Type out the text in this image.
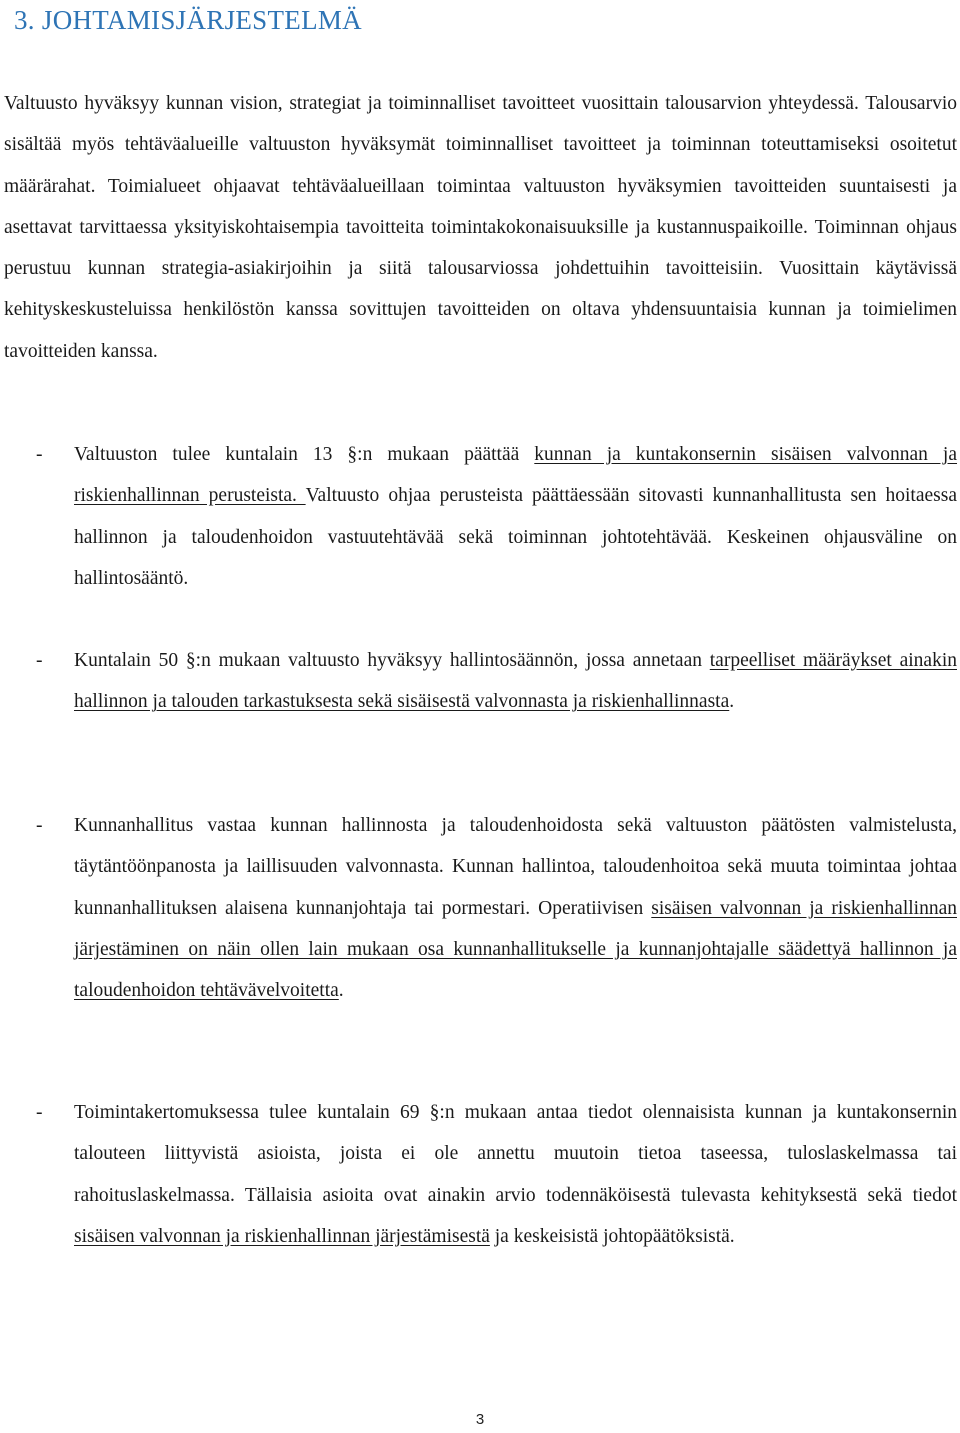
3. JOHTAMISJÄRJESTELMÄ

Valtuusto hyväksyy kunnan vision, strategiat ja toiminnalliset tavoitteet vuosittain talousarvion yhteydessä. Talousarvio sisältää myös tehtäväalueille valtuuston hyväksymät toiminnalliset tavoitteet ja toiminnan toteuttamiseksi osoitetut määrärahat. Toimialueet ohjaavat tehtäväalueillaan toimintaa valtuuston hyväksymien tavoitteiden suuntaisesti ja asettavat tarvittaessa yksityiskohtaisempia tavoitteita toimintakokonaisuuksille ja kustannuspaikoille. Toiminnan ohjaus perustuu kunnan strategia-asiakirjoihin ja siitä talousarviossa johdettuihin tavoitteisiin. Vuosittain käytävissä kehityskeskusteluissa henkilöstön kanssa sovittujen tavoitteiden on oltava yhdensuuntaisia kunnan ja toimielimen tavoitteiden kanssa.

- Valtuuston tulee kuntalain 13 §:n mukaan päättää kunnan ja kuntakonsernin sisäisen valvonnan ja riskienhallinnan perusteista. Valtuusto ohjaa perusteista päättäessään sitovasti kunnanhallitusta sen hoitaessa hallinnon ja taloudenhoidon vastuutehtävää sekä toiminnan johtotehtävää. Keskeinen ohjausväline on hallintosääntö.

- Kuntalain 50 §:n mukaan valtuusto hyväksyy hallintosäännön, jossa annetaan tarpeelliset määräykset ainakin hallinnon ja talouden tarkastuksesta sekä sisäisestä valvonnasta ja riskienhallinnasta.

- Kunnanhallitus vastaa kunnan hallinnosta ja taloudenhoidosta sekä valtuuston päätösten valmistelusta, täytäntöönpanosta ja laillisuuden valvonnasta. Kunnan hallintoa, taloudenhoitoa sekä muuta toimintaa johtaa kunnanhallituksen alaisena kunnanjohtaja tai pormestari. Operatiivisen sisäisen valvonnan ja riskienhallinnan järjestäminen on näin ollen lain mukaan osa kunnanhallitukselle ja kunnanjohtajalle säädettyä hallinnon ja taloudenhoidon tehtävävelvoitetta.

- Toimintakertomuksessa tulee kuntalain 69 §:n mukaan antaa tiedot olennaisista kunnan ja kuntakonsernin talouteen liittyvistä asioista, joista ei ole annettu muutoin tietoa taseessa, tuloslaskelmassa tai rahoituslaskelmassa. Tällaisia asioita ovat ainakin arvio todennäköisestä tulevasta kehityksestä sekä tiedot sisäisen valvonnan ja riskienhallinnan järjestämisestä ja keskeisistä johtopäätöksistä.

3
